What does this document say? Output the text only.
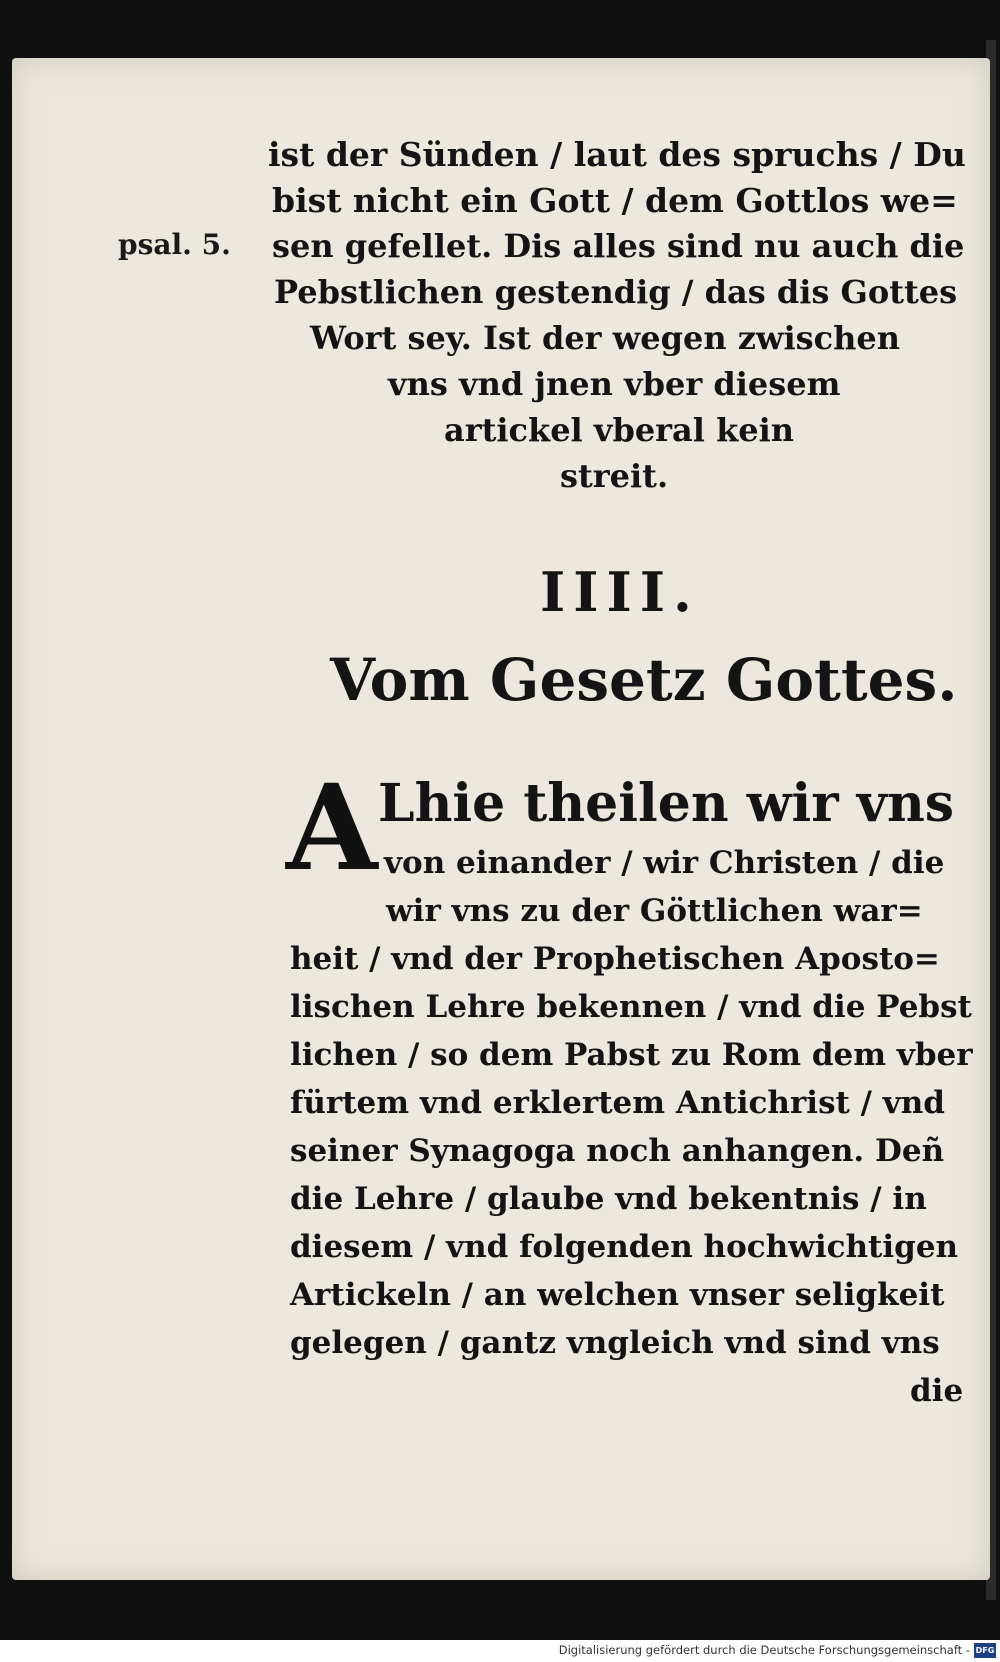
psal. 5.

ist der Sünden / laut des spruchs / Du

bist nicht ein Gott / dem Gottlos we=

sen gefellet. Dis alles sind nu auch die

Pebstlichen gestendig / das dis Gottes

Wort sey. Ist der wegen zwischen

vns vnd jnen vber diesem

artickel vberal kein

streit.

IIII.

Vom Gesetz Gottes.

A Lhie theilen wir vns

von einander / wir Christen / die

wir vns zu der Göttlichen war=

heit / vnd der Prophetischen Aposto=

lischen Lehre bekennen / vnd die Pebst

lichen / so dem Pabst zu Rom dem vber

fürtem vnd erklertem Antichrist / vnd

seiner Synagoga noch anhangen. Deñ

die Lehre / glaube vnd bekentnis / in

diesem / vnd folgenden hochwichtigen

Artickeln / an welchen vnser seligkeit

gelegen / gantz vngleich vnd sind vns

die

Digitalisierung gefördert durch die Deutsche Forschungsgemeinschaft - DFG
